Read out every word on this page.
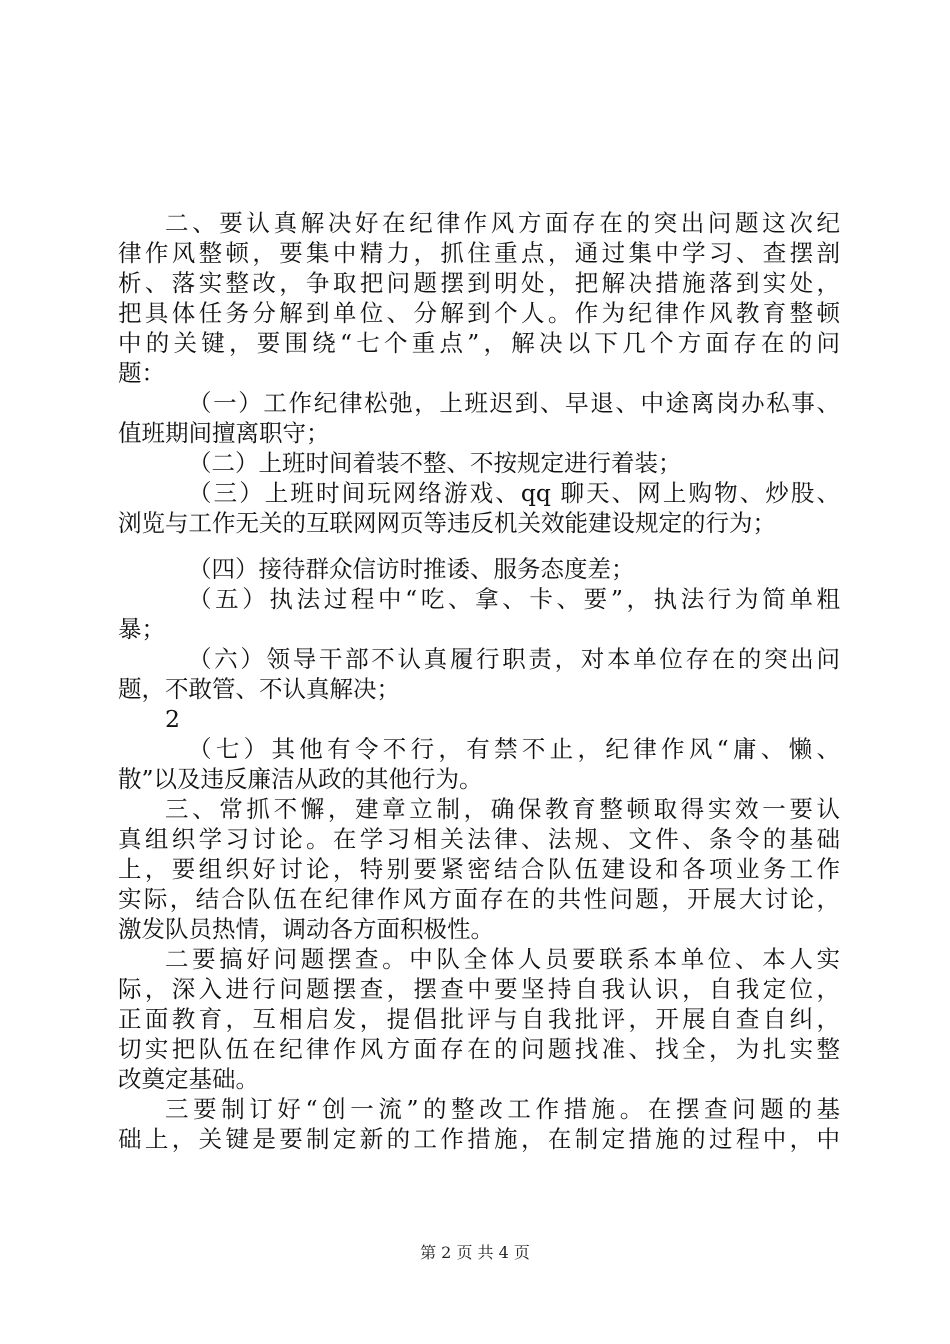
二、要认真解决好在纪律作风方面存在的突出问题这次纪
律作风整顿，要集中精力，抓住重点，通过集中学习、查摆剖
析、落实整改，争取把问题摆到明处，把解决措施落到实处，
把具体任务分解到单位、分解到个人。作为纪律作风教育整顿
中的关键，要围绕“七个重点”，解决以下几个方面存在的问
题：
（一）工作纪律松弛，上班迟到、早退、中途离岗办私事、
值班期间擅离职守；
（二）上班时间着装不整、不按规定进行着装；
（三）上班时间玩网络游戏、qq 聊天、网上购物、炒股、
浏览与工作无关的互联网网页等违反机关效能建设规定的行为；
（四）接待群众信访时推诿、服务态度差；
（五）执法过程中“吃、拿、卡、要”，执法行为简单粗
暴；
（六）领导干部不认真履行职责，对本单位存在的突出问
题，不敢管、不认真解决；
2
（七）其他有令不行，有禁不止，纪律作风“庸、懒、
散”以及违反廉洁从政的其他行为。
三、常抓不懈，建章立制，确保教育整顿取得实效一要认
真组织学习讨论。在学习相关法律、法规、文件、条令的基础
上，要组织好讨论，特别要紧密结合队伍建设和各项业务工作
实际，结合队伍在纪律作风方面存在的共性问题，开展大讨论，
激发队员热情，调动各方面积极性。
二要搞好问题摆查。中队全体人员要联系本单位、本人实
际，深入进行问题摆查，摆查中要坚持自我认识，自我定位，
正面教育，互相启发，提倡批评与自我批评，开展自查自纠，
切实把队伍在纪律作风方面存在的问题找准、找全，为扎实整
改奠定基础。
三要制订好“创一流”的整改工作措施。在摆查问题的基
础上，关键是要制定新的工作措施，在制定措施的过程中，中
第 2 页 共 4 页
